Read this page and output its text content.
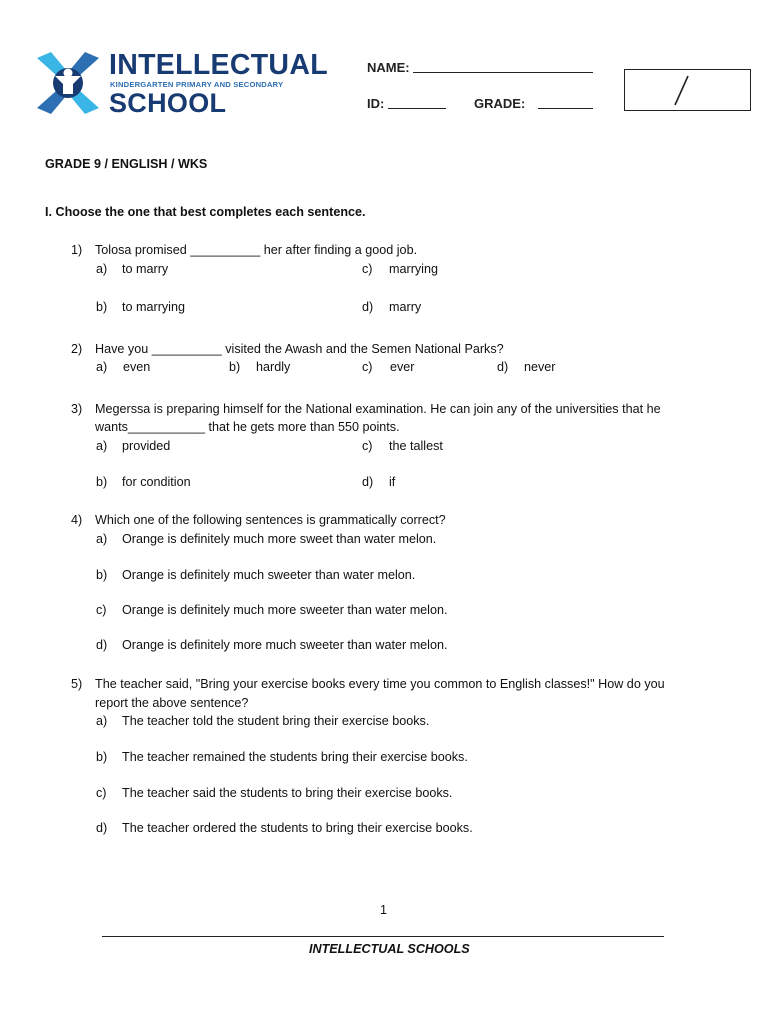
INTELLECTUAL
KINDERGARTEN PRIMARY AND SECONDARY
SCHOOL
NAME:
ID:	GRADE:
GRADE 9 / ENGLISH / WKS
I. Choose the one that best completes each sentence.
1) Tolosa promised __________ her after finding a good job.
a) to marry	c) marrying
b) to marrying	d) marry
2) Have you __________ visited the Awash and the Semen National Parks?
a) even	b) hardly	c) ever	d) never
3) Megerssa is preparing himself for the National examination. He can join any of the universities that he
wants___________ that he gets more than 550 points.
a) provided	c) the tallest
b) for condition	d) if
4) Which one of the following sentences is grammatically correct?
a) Orange is definitely much more sweet than water melon.
b) Orange is definitely much sweeter than water melon.
c) Orange is definitely much more sweeter than water melon.
d) Orange is definitely more much sweeter than water melon.
5) The teacher said, "Bring your exercise books every time you common to English classes!" How do you
report the above sentence?
a) The teacher told the student bring their exercise books.
b) The teacher remained the students bring their exercise books.
c) The teacher said the students to bring their exercise books.
d) The teacher ordered the students to bring their exercise books.
1
INTELLECTUAL SCHOOLS
